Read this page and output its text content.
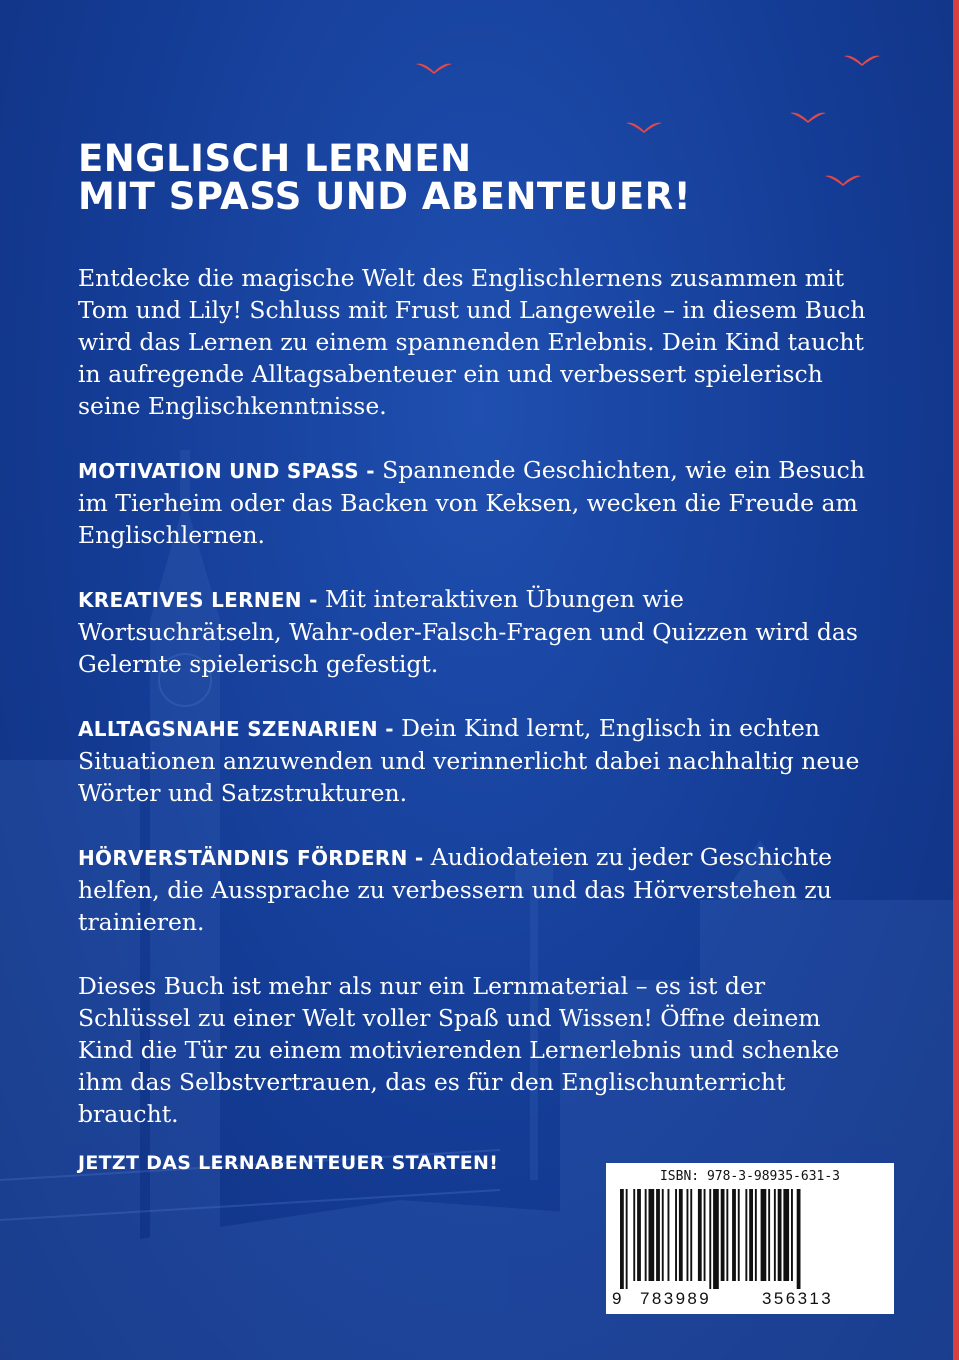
ENGLISCH LERNEN
MIT SPASS UND ABENTEUER!

Entdecke die magische Welt des Englischlernens zusammen mit Tom und Lily! Schluss mit Frust und Langeweile – in diesem Buch wird das Lernen zu einem spannenden Erlebnis. Dein Kind taucht in aufregende Alltagsabenteuer ein und verbessert spielerisch seine Englischkenntnisse.

MOTIVATION UND SPASS - Spannende Geschichten, wie ein Besuch im Tierheim oder das Backen von Keksen, wecken die Freude am Englischlernen.

KREATIVES LERNEN - Mit interaktiven Übungen wie Wortsuchrätseln, Wahr-oder-Falsch-Fragen und Quizzen wird das Gelernte spielerisch gefestigt.

ALLTAGSNAHE SZENARIEN - Dein Kind lernt, Englisch in echten Situationen anzuwenden und verinnerlicht dabei nachhaltig neue Wörter und Satzstrukturen.

HÖRVERSTÄNDNIS FÖRDERN - Audiodateien zu jeder Geschichte helfen, die Aussprache zu verbessern und das Hörverstehen zu trainieren.

Dieses Buch ist mehr als nur ein Lernmaterial – es ist der Schlüssel zu einer Welt voller Spaß und Wissen! Öffne deinem Kind die Tür zu einem motivierenden Lernerlebnis und schenke ihm das Selbstvertrauen, das es für den Englischunterricht braucht.

JETZT DAS LERNABENTEUER STARTEN!
ISBN: 978-3-98935-631-3
9 783989	356313
